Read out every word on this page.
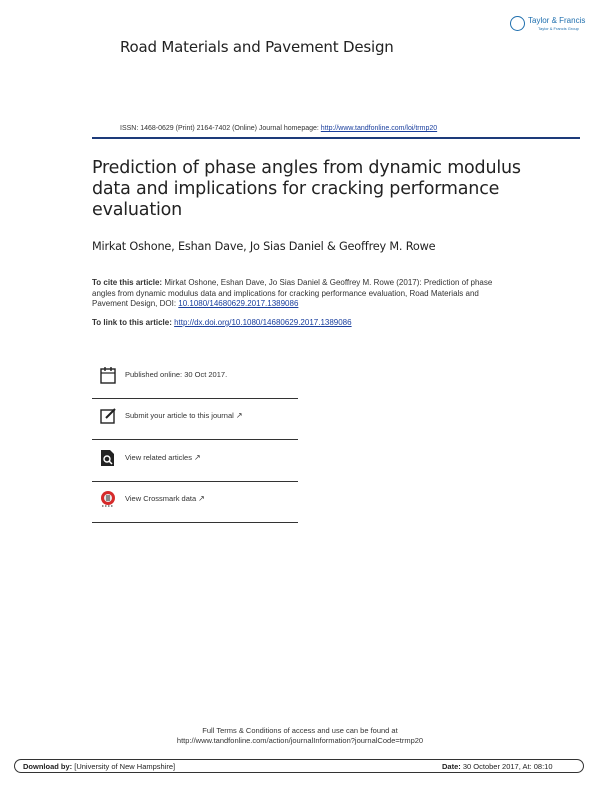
Taylor & Francis
Taylor & Francis Group
Road Materials and Pavement Design
ISSN: 1468-0629 (Print) 2164-7402 (Online) Journal homepage: http://www.tandfonline.com/loi/trmp20
Prediction of phase angles from dynamic modulus data and implications for cracking performance evaluation
Mirkat Oshone, Eshan Dave, Jo Sias Daniel & Geoffrey M. Rowe
To cite this article: Mirkat Oshone, Eshan Dave, Jo Sias Daniel & Geoffrey M. Rowe (2017): Prediction of phase angles from dynamic modulus data and implications for cracking performance evaluation, Road Materials and Pavement Design, DOI: 10.1080/14680629.2017.1389086
To link to this article: http://dx.doi.org/10.1080/14680629.2017.1389086
Published online: 30 Oct 2017.
Submit your article to this journal ↗
View related articles ↗
View Crossmark data ↗
Full Terms & Conditions of access and use can be found at
http://www.tandfonline.com/action/journalInformation?journalCode=trmp20
Download by: [University of New Hampshire]	Date: 30 October 2017, At: 08:10
